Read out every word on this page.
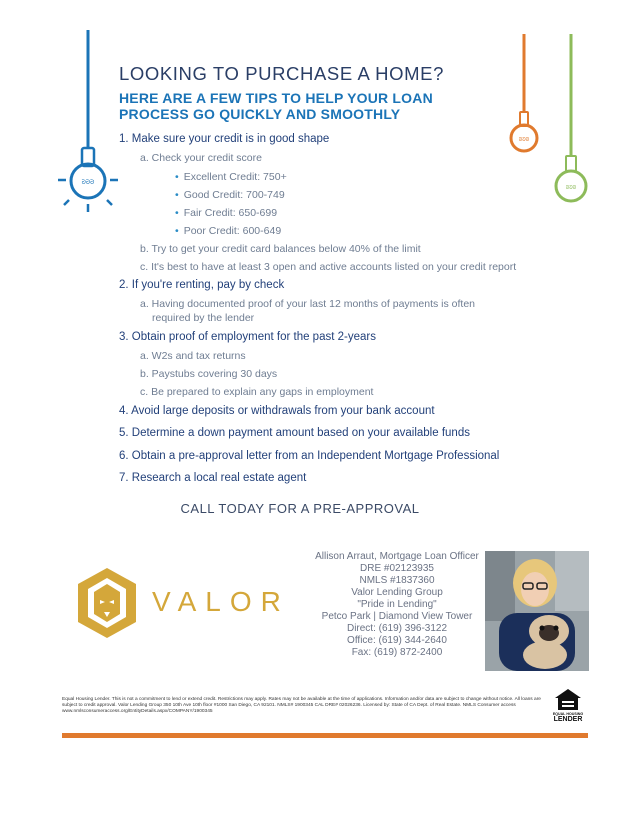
ᘐᘐᘐ
ᘐᘐᘐ
ᘐᘐᘐ
LOOKING TO PURCHASE A HOME?
HERE ARE A FEW TIPS TO HELP YOUR LOAN
PROCESS GO QUICKLY AND SMOOTHLY
1. Make sure your credit is in good shape
a. Check your credit score
• Excellent Credit: 750+
• Good Credit: 700-749
• Fair Credit: 650-699
• Poor Credit: 600-649
b. Try to get your credit card balances below 40% of the limit
c. It's best to have at least 3 open and active accounts listed on your credit report
2. If you're renting, pay by check
a. Having documented proof of your last 12 months of payments is often
required by the lender
3. Obtain proof of employment for the past 2-years
a. W2s and tax returns
b. Paystubs covering 30 days
c. Be prepared to explain any gaps in employment
4. Avoid large deposits or withdrawals from your bank account
5. Determine a down payment amount based on your available funds
6. Obtain a pre-approval letter from an Independent Mortgage Professional
7. Research a local real estate agent
CALL TODAY FOR A PRE-APPROVAL
VALOR
Allison Arraut, Mortgage Loan Officer
DRE #02123935
NMLS #1837360
Valor Lending Group
"Pride in Lending"
Petco Park | Diamond View Tower
Direct: (619) 396-3122
Office: (619) 344-2640
Fax: (619) 872-2400
Equal Housing Lender. This is not a commitment to lend or extend credit. Restrictions may apply. Rates may not be available at the time of applications. Information and/or data are subject to change without notice. All loans are subject to credit approval. Valor Lending Group 350 10th Ave 10th floor #1000 San Diego, CA 92101. NMLS# 1900345 CAL DRE# 02026236. Licensed by: State of CA Dept. of Real Estate. NMLS Consumer access www.nmlsconsumeraccess.org/EntityDetails.aspx/COMPANY/1900345	EQUAL HOUSING
LENDER
